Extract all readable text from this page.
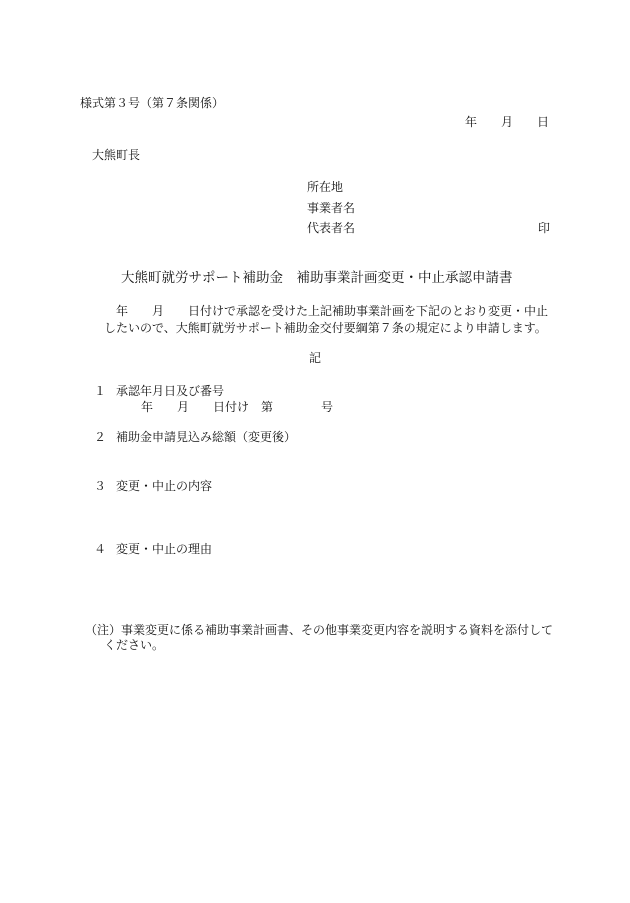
様式第３号（第７条関係）

年　　月　　日

大熊町長

所在地

事業者名

代表者名	印

大熊町就労サポート補助金　補助事業計画変更・中止承認申請書

年　　月　　日付けで承認を受けた上記補助事業計画を下記のとおり変更・中止

したいので、大熊町就労サポート補助金交付要綱第７条の規定により申請します。

記

１ 承認年月日及び番号
年　　月　　日付け　第　　　　号
２ 補助金申請見込み総額（変更後）
３ 変更・中止の内容
４ 変更・中止の理由

（注）事業変更に係る補助事業計画書、その他事業変更内容を説明する資料を添付して

ください。
